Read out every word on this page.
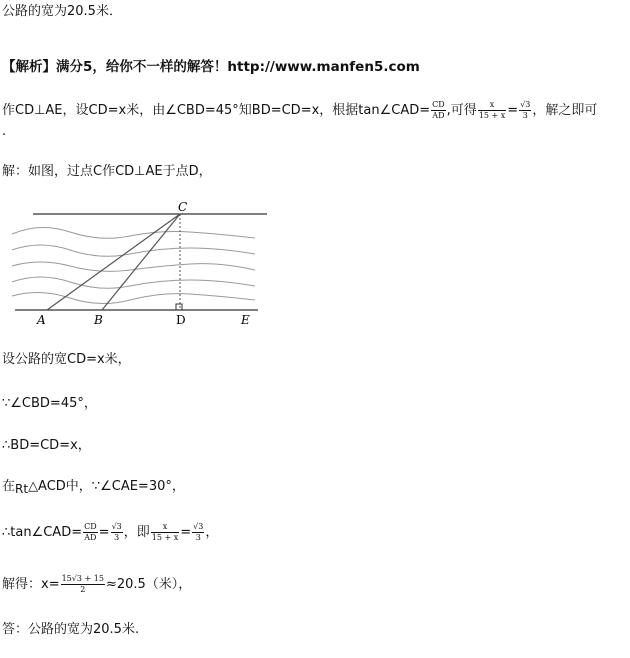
公路的宽为20.5米．
【解析】满分5，给你不一样的解答！http://www.manfen5.com
作CD⊥AE，设CD=x米，由∠CBD=45°知BD=CD=x，根据tan∠CAD= $\frac{CD}{AD}$ ,可得 $\frac{x}{15 + x} = \frac{√3}{3}$ ，解之即可
.
解：如图，过点C作CD⊥AE于点D，
C
A	B	D	E
设公路的宽CD=x米，
∵∠CBD=45°，
∴BD=CD=x，
在Rt△ACD中，∵∠CAE=30°，
∴tan∠CAD= $\frac{CD}{AD} = \frac{√3}{3}$ ，即 $\frac{x}{15 + x} = \frac{√3}{3}$ ，
解得：$x= \frac{15√3 + 15}{2} \approx 20.5$（米），
答：公路的宽为20.5米.
